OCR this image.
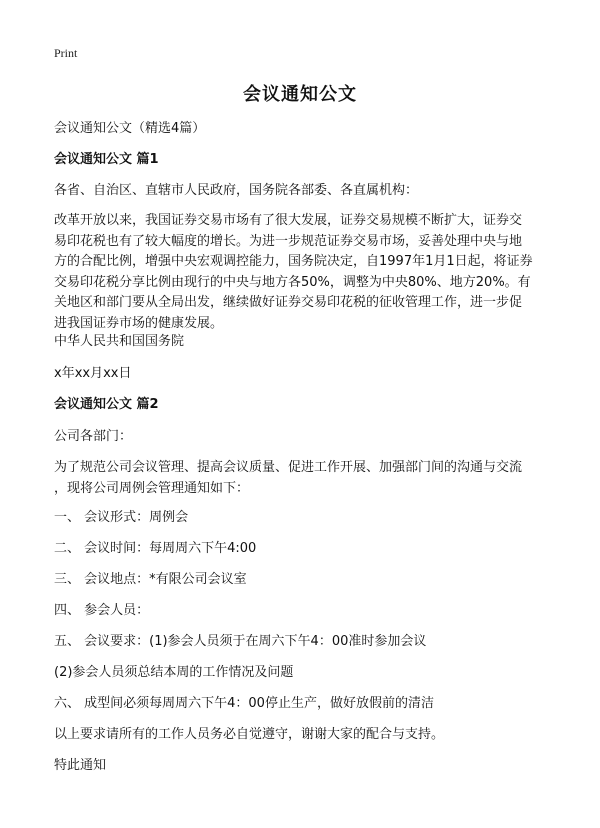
Print
会议通知公文
会议通知公文（精选4篇）
会议通知公文 篇1
各省、自治区、直辖市人民政府，国务院各部委、各直属机构：
改革开放以来，我国证券交易市场有了很大发展，证券交易规模不断扩大，证券交
易印花税也有了较大幅度的增长。为进一步规范证券交易市场，妥善处理中央与地
方的合配比例，增强中央宏观调控能力，国务院决定，自1997年1月1日起，将证券
交易印花税分享比例由现行的中央与地方各50%，调整为中央80%、地方20%。有
关地区和部门要从全局出发，继续做好证券交易印花税的征收管理工作，进一步促
进我国证券市场的健康发展。
中华人民共和国国务院
x年xx月xx日
会议通知公文 篇2
公司各部门：
为了规范公司会议管理、提高会议质量、促进工作开展、加强部门间的沟通与交流
，现将公司周例会管理通知如下：
一、 会议形式：周例会
二、 会议时间：每周周六下午4:00
三、 会议地点：*有限公司会议室
四、 参会人员：
五、 会议要求：(1)参会人员须于在周六下午4：00准时参加会议
(2)参会人员须总结本周的工作情况及问题
六、 成型间必须每周周六下午4：00停止生产，做好放假前的清洁
以上要求请所有的工作人员务必自觉遵守，谢谢大家的配合与支持。
特此通知
